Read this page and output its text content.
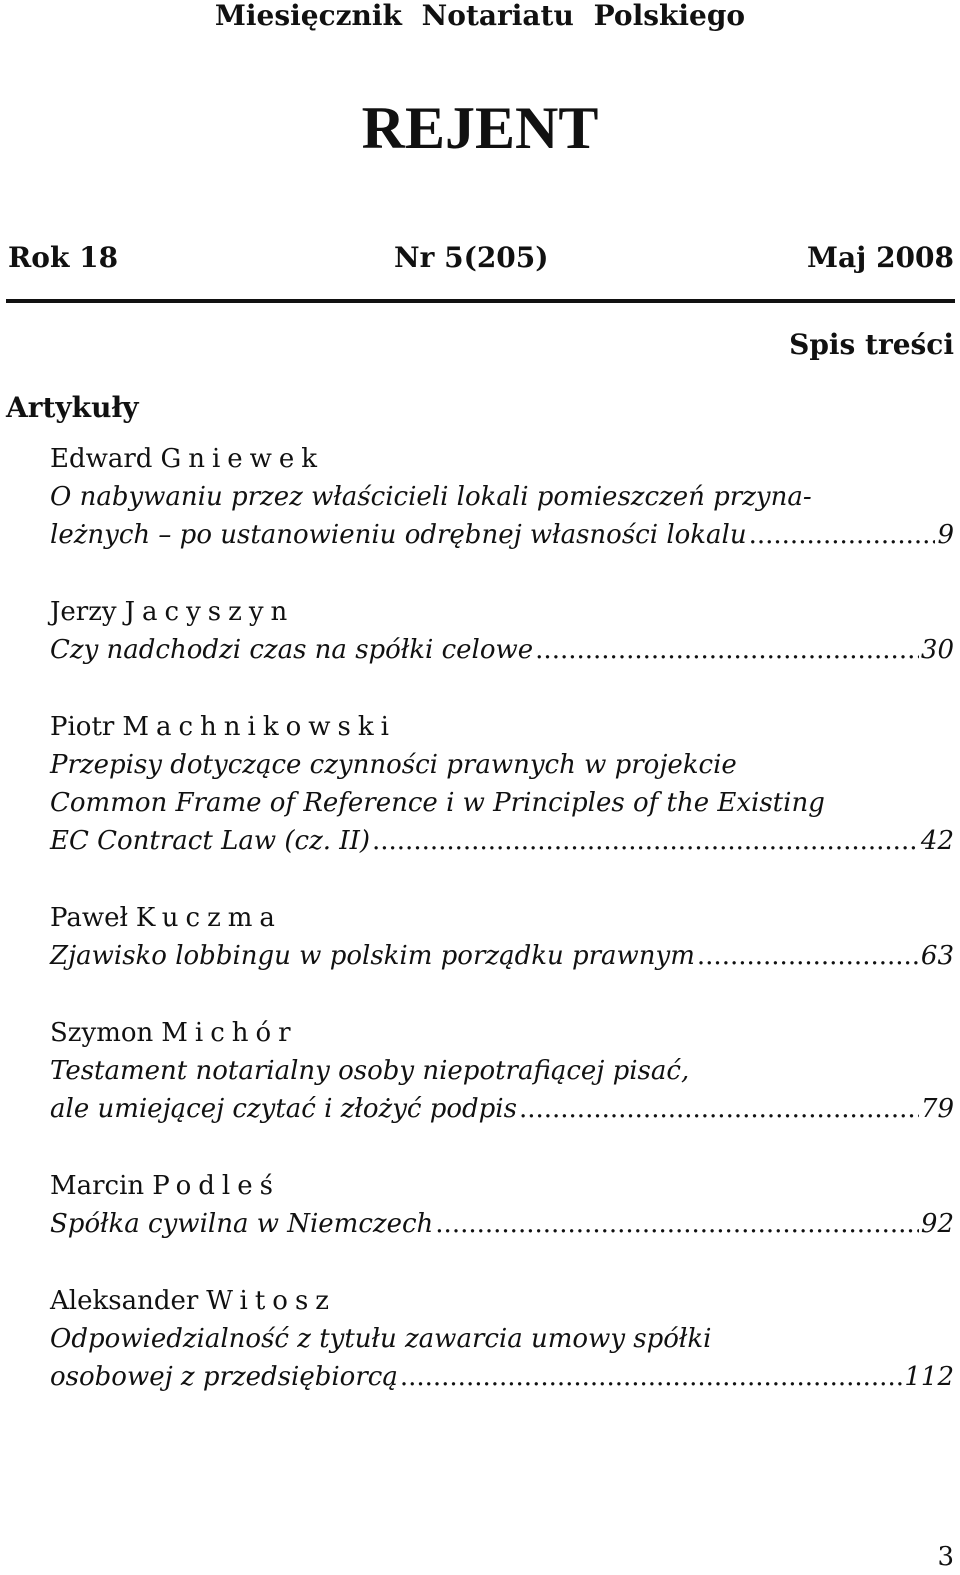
Miesięcznik Notariatu Polskiego
REJENT
Rok 18	Nr 5(205)	Maj 2008
Spis treści
Artykuły
Edward Gniewek
O nabywaniu przez właścicieli lokali pomieszczeń przyna-
leżnych – po ustanowieniu odrębnej własności lokalu .....	9
Jerzy Jacyszyn
Czy nadchodzi czas na spółki celowe .....	30
Piotr Machnikowski
Przepisy dotyczące czynności prawnych w projekcie
Common Frame of Reference i w Principles of the Existing
EC Contract Law (cz. II) .....	42
Paweł Kuczma
Zjawisko lobbingu w polskim porządku prawnym .....	63
Szymon Michór
Testament notarialny osoby niepotrafiącej pisać,
ale umiejącej czytać i złożyć podpis .....	79
Marcin Podleś
Spółka cywilna w Niemczech .....	92
Aleksander Witosz
Odpowiedzialność z tytułu zawarcia umowy spółki
osobowej z przedsiębiorcą .....	112
3
